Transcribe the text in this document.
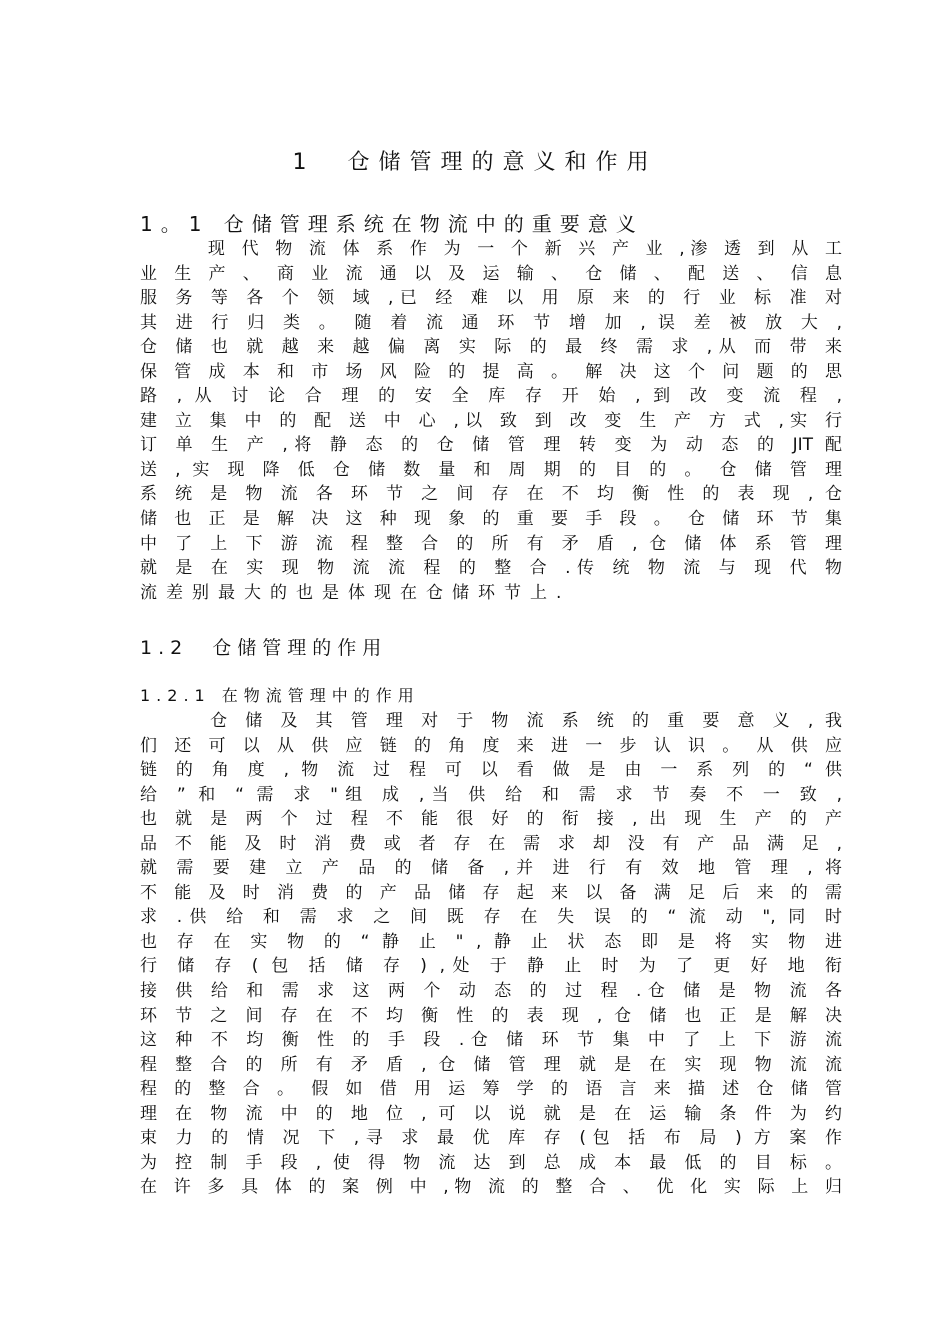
1  仓储管理的意义和作用
1。1 仓储管理系统在物流中的重要意义
　　　现 代 物 流 体 系 作 为 一 个 新 兴 产 业 ,渗 透 到 从 工
业 生 产 、 商 业 流 通 以 及 运 输 、 仓 储 、 配 送 、 信 息
服 务 等 各 个 领 域 ,已 经 难 以 用 原 来 的 行 业 标 准 对
其 进 行 归 类 。 随 着 流 通 环 节 增 加 , 误 差 被 放 大 ,
仓 储 也 就 越 来 越 偏 离 实 际 的 最 终 需 求 ,从 而 带 来
保 管 成 本 和 市 场 风 险 的 提 高 。 解 决 这 个 问 题 的 思
路 , 从 讨 论 合 理 的 安 全 库 存 开 始 , 到 改 变 流 程 ,
建 立 集 中 的 配 送 中 心 ,以 致 到 改 变 生 产 方 式 ,实 行
订 单 生 产 ,将 静 态 的 仓 储 管 理 转 变 为 动 态 的 JIT 配
送 , 实 现 降 低 仓 储 数 量 和 周 期 的 目 的 。 仓 储 管 理
系 统 是 物 流 各 环 节 之 间 存 在 不 均 衡 性 的 表 现 , 仓
储 也 正 是 解 决 这 种 现 象 的 重 要 手 段 。 仓 储 环 节 集
中 了 上 下 游 流 程 整 合 的 所 有 矛 盾 , 仓 储 体 系 管 理
就 是 在 实 现 物 流 流 程 的 整 合 .传 统 物 流 与 现 代 物
流差别最大的也是体现在仓储环节上.
1.2  仓储管理的作用
1.2.1 在物流管理中的作用
　　　仓 储 及 其 管 理 对 于 物 流 系 统 的 重 要 意 义 , 我
们 还 可 以 从 供 应 链 的 角 度 来 进 一 步 认 识 。 从 供 应
链 的 角 度 , 物 流 过 程 可 以 看 做 是 由 一 系 列 的 “ 供
给 ” 和 “ 需 求 "组 成 ,当 供 给 和 需 求 节 奏 不 一 致 ,
也 就 是 两 个 过 程 不 能 很 好 的 衔 接 , 出 现 生 产 的 产
品 不 能 及 时 消 费 或 者 存 在 需 求 却 没 有 产 品 满 足 ,
就 需 要 建 立 产 品 的 储 备 ,并 进 行 有 效 地 管 理 , 将
不 能 及 时 消 费 的 产 品 储 存 起 来 以 备 满 足 后 来 的 需
求 .供 给 和 需 求 之 间 既 存 在 失 误 的 “ 流 动 ", 同 时
也 存 在 实 物 的 “ 静 止 " , 静 止 状 态 即 是 将 实 物 进
行 储 存 ( 包 括 储 存 ) ,处 于 静 止 时 为 了 更 好 地 衔
接 供 给 和 需 求 这 两 个 动 态 的 过 程 .仓 储 是 物 流 各
环 节 之 间 存 在 不 均 衡 性 的 表 现 , 仓 储 也 正 是 解 决
这 种 不 均 衡 性 的 手 段 .仓 储 环 节 集 中 了 上 下 游 流
程 整 合 的 所 有 矛 盾 , 仓 储 管 理 就 是 在 实 现 物 流 流
程 的 整 合 。 假 如 借 用 运 筹 学 的 语 言 来 描 述 仓 储 管
理 在 物 流 中 的 地 位 , 可 以 说 就 是 在 运 输 条 件 为 约
束 力 的 情 况 下 ,寻 求 最 优 库 存 (包 括 布 局 ) 方 案 作
为 控 制 手 段 , 使 得 物 流 达 到 总 成 本 最 低 的 目 标 。
在 许 多 具 体 的 案 例 中 ,物 流 的 整 合 、 优 化 实 际 上 归
